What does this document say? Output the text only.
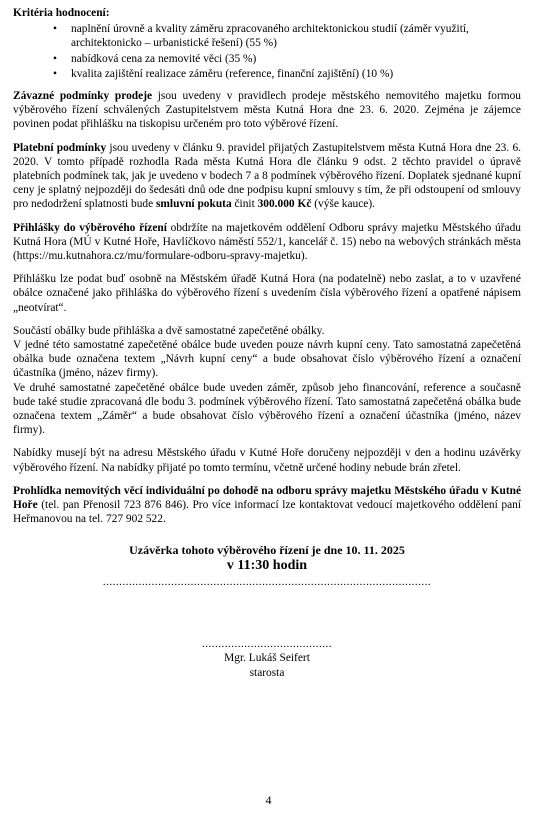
Kritéria hodnocení:

• naplnění úrovně a kvality záměru zpracovaného architektonickou studií (záměr využití, architektonicko – urbanistické řešení) (55 %)
• nabídková cena za nemovité věci (35 %)
• kvalita zajištění realizace záměru (reference, finanční zajištění) (10 %)

Závazné podmínky prodeje jsou uvedeny v pravidlech prodeje městského nemovitého majetku formou výběrového řízení schválených Zastupitelstvem města Kutná Hora dne 23. 6. 2020. Zejména je zájemce povinen podat přihlášku na tiskopisu určeném pro toto výběrové řízení.

Platební podmínky jsou uvedeny v článku 9. pravidel přijatých Zastupitelstvem města Kutná Hora dne 23. 6. 2020. V tomto případě rozhodla Rada města Kutná Hora dle článku 9 odst. 2 těchto pravidel o úpravě platebních podmínek tak, jak je uvedeno v bodech 7 a 8 podmínek výběrového řízení. Doplatek sjednané kupní ceny je splatný nejpozději do šedesáti dnů ode dne podpisu kupní smlouvy s tím, že při odstoupení od smlouvy pro nedodržení splatnosti bude smluvní pokuta činit 300.000 Kč (výše kauce).

Přihlášky do výběrového řízení obdržíte na majetkovém oddělení Odboru správy majetku Městského úřadu Kutná Hora (MÚ v Kutné Hoře, Havlíčkovo náměstí 552/1, kancelář č. 15) nebo na webových stránkách města (https://mu.kutnahora.cz/mu/formulare-odboru-spravy-majetku).

Přihlášku lze podat buď osobně na Městském úřadě Kutná Hora (na podatelně) nebo zaslat, a to v uzavřené obálce označené jako přihláška do výběrového řízení s uvedením čísla výběrového řízení a opatřené nápisem „neotvírat“.

Součástí obálky bude přihláška a dvě samostatné zapečetěné obálky.

V jedné této samostatné zapečetěné obálce bude uveden pouze návrh kupní ceny. Tato samostatná zapečetěná obálka bude označena textem „Návrh kupní ceny“ a bude obsahovat číslo výběrového řízení a označení účastníka (jméno, název firmy).

Ve druhé samostatné zapečetěné obálce bude uveden záměr, způsob jeho financování, reference a současně bude také studie zpracovaná dle bodu 3. podmínek výběrového řízení. Tato samostatná zapečetěná obálka bude označena textem „Záměr“ a bude obsahovat číslo výběrového řízení a označení účastníka (jméno, název firmy).

Nabídky musejí být na adresu Městského úřadu v Kutné Hoře doručeny nejpozději v den a hodinu uzávěrky výběrového řízení. Na nabídky přijaté po tomto termínu, včetně určené hodiny nebude brán zřetel.

Prohlídka nemovitých věcí individuální po dohodě na odboru správy majetku Městského úřadu v Kutné Hoře (tel. pan Přenosil 723 876 846). Pro více informací lze kontaktovat vedoucí majetkového oddělení paní Heřmanovou na tel. 727 902 522.

Uzávěrka tohoto výběrového řízení je dne 10. 11. 2025
v 11:30 hodin
.....................................................................................................
........................................
Mgr. Lukáš Seifert
starosta
4
